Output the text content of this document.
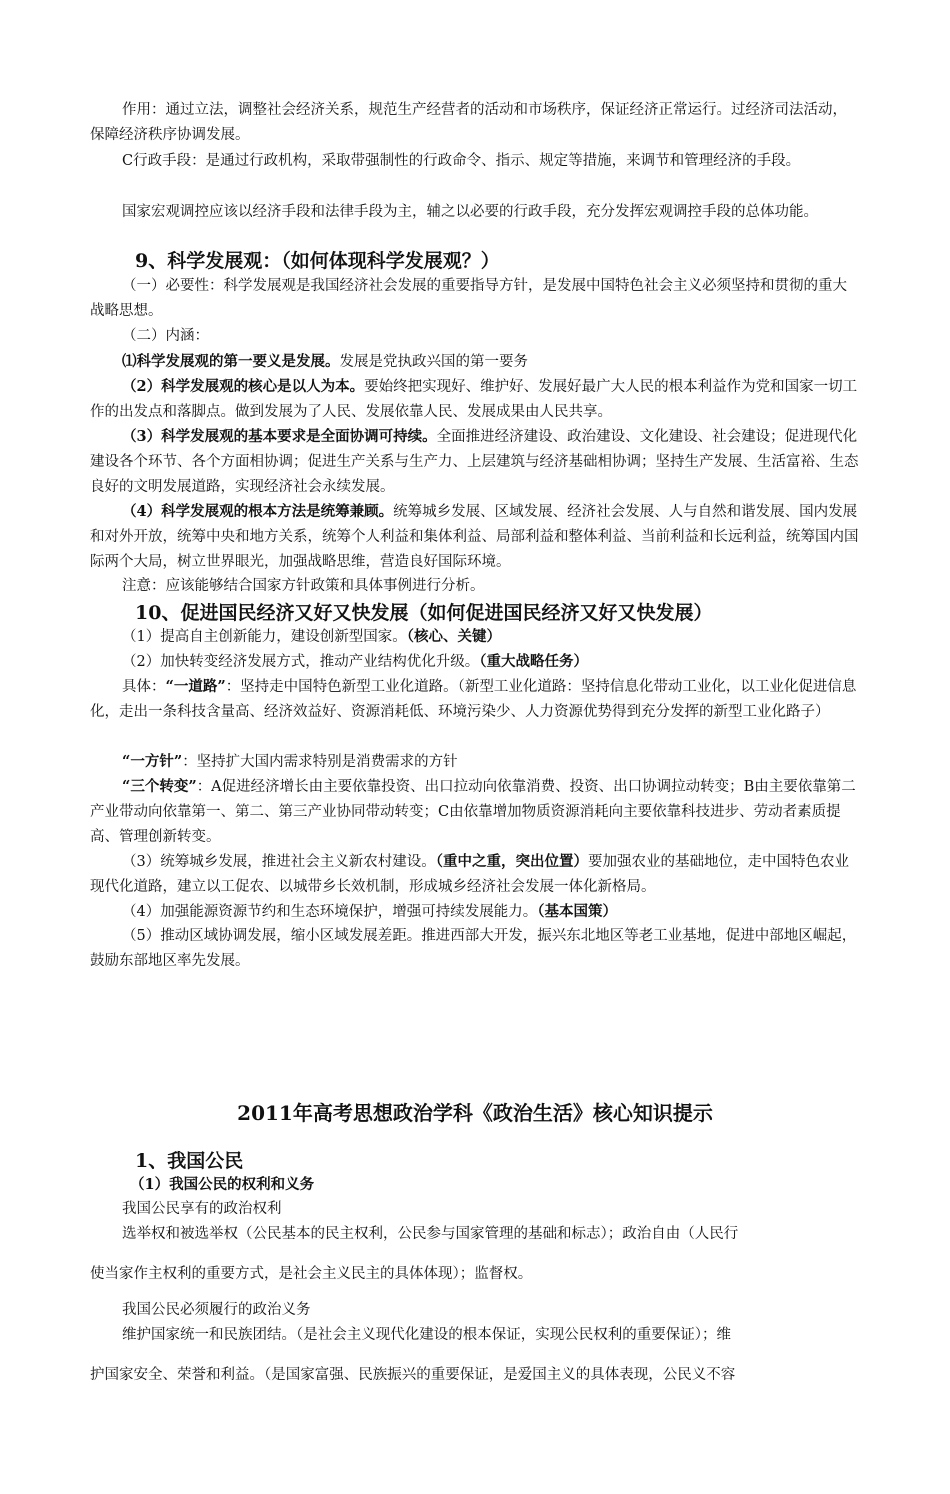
作用：通过立法，调整社会经济关系，规范生产经营者的活动和市场秩序，保证经济正常运行。过经济司法活动，保障经济秩序协调发展。

C行政手段：是通过行政机构，采取带强制性的行政命令、指示、规定等措施，来调节和管理经济的手段。

国家宏观调控应该以经济手段和法律手段为主，辅之以必要的行政手段，充分发挥宏观调控手段的总体功能。

9、科学发展观：（如何体现科学发展观？）

（一）必要性：科学发展观是我国经济社会发展的重要指导方针，是发展中国特色社会主义必须坚持和贯彻的重大战略思想。

（二）内涵：

⑴科学发展观的第一要义是发展。发展是党执政兴国的第一要务

（2）科学发展观的核心是以人为本。要始终把实现好、维护好、发展好最广大人民的根本利益作为党和国家一切工作的出发点和落脚点。做到发展为了人民、发展依靠人民、发展成果由人民共享。

（3）科学发展观的基本要求是全面协调可持续。全面推进经济建设、政治建设、文化建设、社会建设；促进现代化建设各个环节、各个方面相协调；促进生产关系与生产力、上层建筑与经济基础相协调；坚持生产发展、生活富裕、生态良好的文明发展道路，实现经济社会永续发展。

（4）科学发展观的根本方法是统筹兼顾。统筹城乡发展、区域发展、经济社会发展、人与自然和谐发展、国内发展和对外开放，统筹中央和地方关系，统筹个人利益和集体利益、局部利益和整体利益、当前利益和长远利益，统筹国内国际两个大局，树立世界眼光，加强战略思维，营造良好国际环境。

注意：应该能够结合国家方针政策和具体事例进行分析。

10、促进国民经济又好又快发展（如何促进国民经济又好又快发展）

（1）提高自主创新能力，建设创新型国家。（核心、关键）

（2）加快转变经济发展方式，推动产业结构优化升级。（重大战略任务）

具体：“一道路”：坚持走中国特色新型工业化道路。（新型工业化道路：坚持信息化带动工业化，以工业化促进信息化，走出一条科技含量高、经济效益好、资源消耗低、环境污染少、人力资源优势得到充分发挥的新型工业化路子）

“一方针”：坚持扩大国内需求特别是消费需求的方针

“三个转变”：A促进经济增长由主要依靠投资、出口拉动向依靠消费、投资、出口协调拉动转变；B由主要依靠第二产业带动向依靠第一、第二、第三产业协同带动转变；C由依靠增加物质资源消耗向主要依靠科技进步、劳动者素质提高、管理创新转变。

（3）统筹城乡发展，推进社会主义新农村建设。（重中之重，突出位置）要加强农业的基础地位，走中国特色农业现代化道路，建立以工促农、以城带乡长效机制，形成城乡经济社会发展一体化新格局。

（4）加强能源资源节约和生态环境保护，增强可持续发展能力。（基本国策）

（5）推动区域协调发展，缩小区域发展差距。推进西部大开发，振兴东北地区等老工业基地，促进中部地区崛起，鼓励东部地区率先发展。

2011年高考思想政治学科《政治生活》核心知识提示
1、我国公民

（1）我国公民的权利和义务

我国公民享有的政治权利

选举权和被选举权（公民基本的民主权利，公民参与国家管理的基础和标志）；政治自由（人民行

使当家作主权利的重要方式，是社会主义民主的具体体现）；监督权。

我国公民必须履行的政治义务

维护国家统一和民族团结。（是社会主义现代化建设的根本保证，实现公民权利的重要保证）；维

护国家安全、荣誉和利益。（是国家富强、民族振兴的重要保证，是爱国主义的具体表现，公民义不容
